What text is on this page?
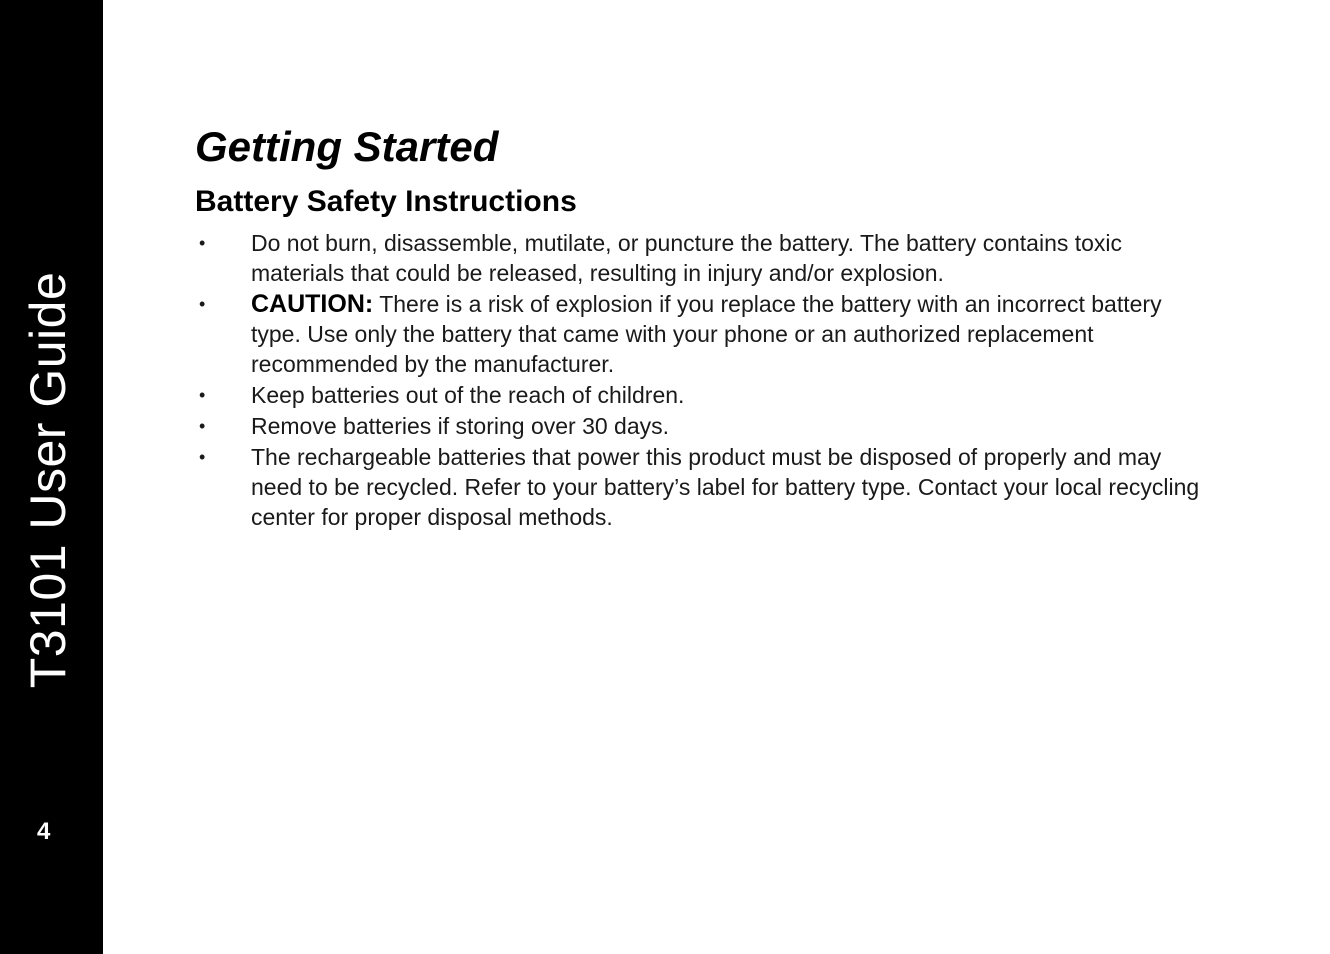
T3101 User Guide
4
Getting Started
Battery Safety Instructions
• Do not burn, disassemble, mutilate, or puncture the battery. The battery contains toxic materials that could be released, resulting in injury and/or explosion.
• CAUTION: There is a risk of explosion if you replace the battery with an incorrect battery type. Use only the battery that came with your phone or an authorized replacement recommended by the manufacturer.
• Keep batteries out of the reach of children.
• Remove batteries if storing over 30 days.
• The rechargeable batteries that power this product must be disposed of properly and may need to be recycled. Refer to your battery’s label for battery type. Contact your local recycling center for proper disposal methods.
